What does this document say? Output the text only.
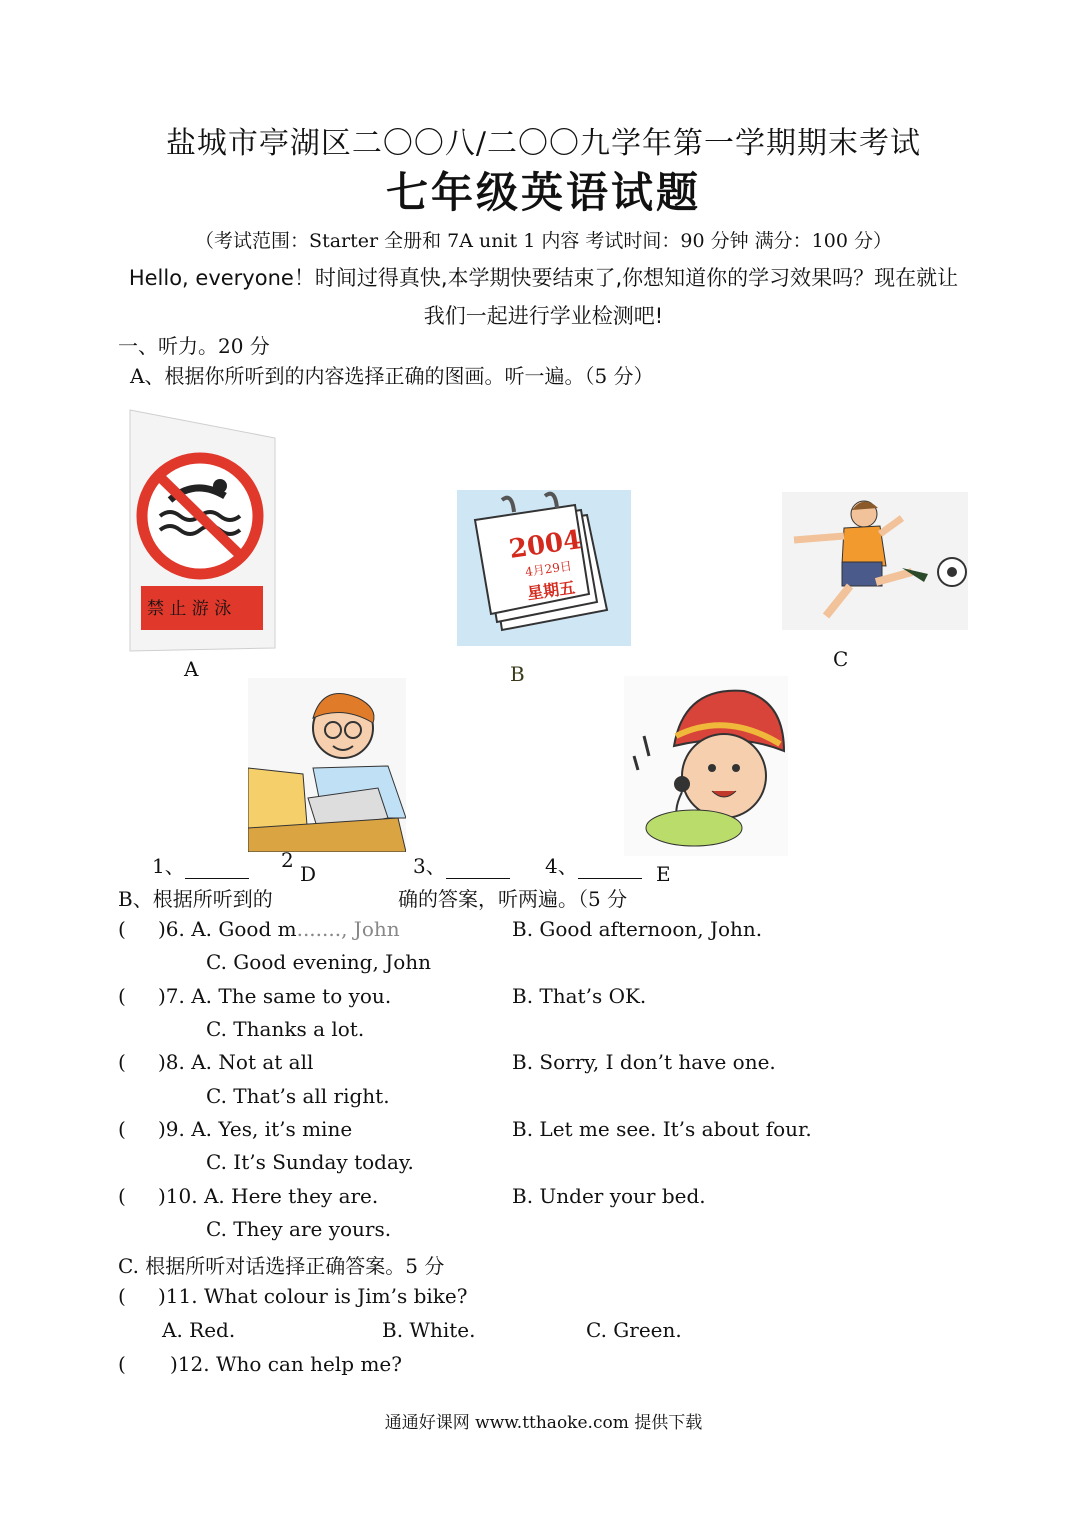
盐城市亭湖区二〇〇八/二〇〇九学年第一学期期末考试
七年级英语试题
（考试范围：Starter 全册和 7A unit 1 内容 考试时间：90 分钟 满分：100 分）
Hello, everyone！时间过得真快,本学期快要结束了,你想知道你的学习效果吗？现在就让
我们一起进行学业检测吧!
一、听力。20 分
A、根据你所听到的内容选择正确的图画。听一遍。（5 分）
禁 止 游 泳
A
2004
4月29日
星期五
B
C
1、	2
D	3、	4、	E
B、根据所听到的	确的答案，听两遍。（5 分
( )6. A. Good m......., John	B. Good afternoon, John.
C. Good evening, John
( )7. A. The same to you.	B. That’s OK.
C. Thanks a lot.
( )8. A. Not at all	B. Sorry, I don’t have one.
C. That’s all right.
( )9. A. Yes, it’s mine	B. Let me see. It’s about four.
C. It’s Sunday today.
( )10. A. Here they are.	B. Under your bed.
C. They are yours.
C. 根据所听对话选择正确答案。5 分
( )11. What colour is Jim’s bike?
A. Red.	B. White.	C. Green.
( )12. Who can help me?
通通好课网 www.tthaoke.com 提供下载
